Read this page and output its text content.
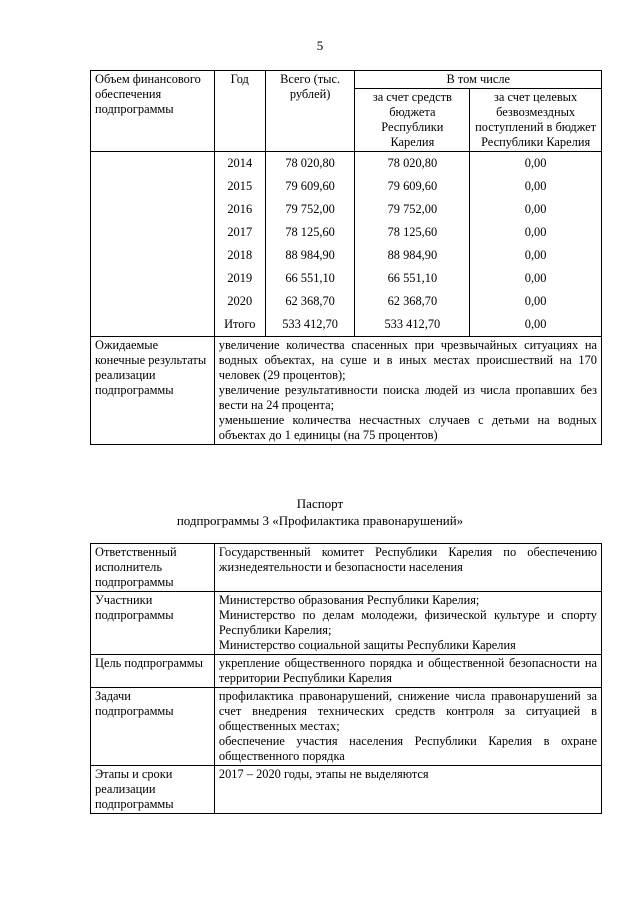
5
Объем финансового обеспечения подпрограммы	Год	Всего (тыс. рублей)	В том числе	
			за счет средств бюджета Республики Карелия	за счет целевых безвозмездных поступлений в бюджет Республики Карелия
	2014	78 020,80	78 020,80	0,00
	2015	79 609,60	79 609,60	0,00
	2016	79 752,00	79 752,00	0,00
	2017	78 125,60	78 125,60	0,00
	2018	88 984,90	88 984,90	0,00
	2019	66 551,10	66 551,10	0,00
	2020	62 368,70	62 368,70	0,00
	Итого	533 412,70	533 412,70	0,00
Ожидаемые конечные результаты реализации подпрограммы	увеличение количества спасенных при чрезвычайных ситуациях на водных объектах, на суше и в иных местах происшествий на 170 человек (29 процентов);
увеличение результативности поиска людей из числа пропавших без вести на 24 процента;
уменьшение количества несчастных случаев с детьми на водных объектах до 1 единицы (на 75 процентов)			
Паспорт
подпрограммы 3 «Профилактика правонарушений»
Ответственный исполнитель подпрограммы	Государственный комитет Республики Карелия по обеспечению жизнедеятельности и безопасности населения

Участники подпрограммы	Министерство образования Республики Карелия;
Министерство по делам молодежи, физической культуре и спорту Республики Карелия;
Министерство социальной защиты Республики Карелия

Цель подпрограммы	укрепление общественного порядка и общественной безопасности на территории Республики Карелия

Задачи подпрограммы	профилактика правонарушений, снижение числа правонарушений за счет внедрения технических средств контроля за ситуацией в общественных местах;
обеспечение участия населения Республики Карелия в охране общественного порядка

Этапы и сроки реализации подпрограммы	2017 – 2020 годы, этапы не выделяются
